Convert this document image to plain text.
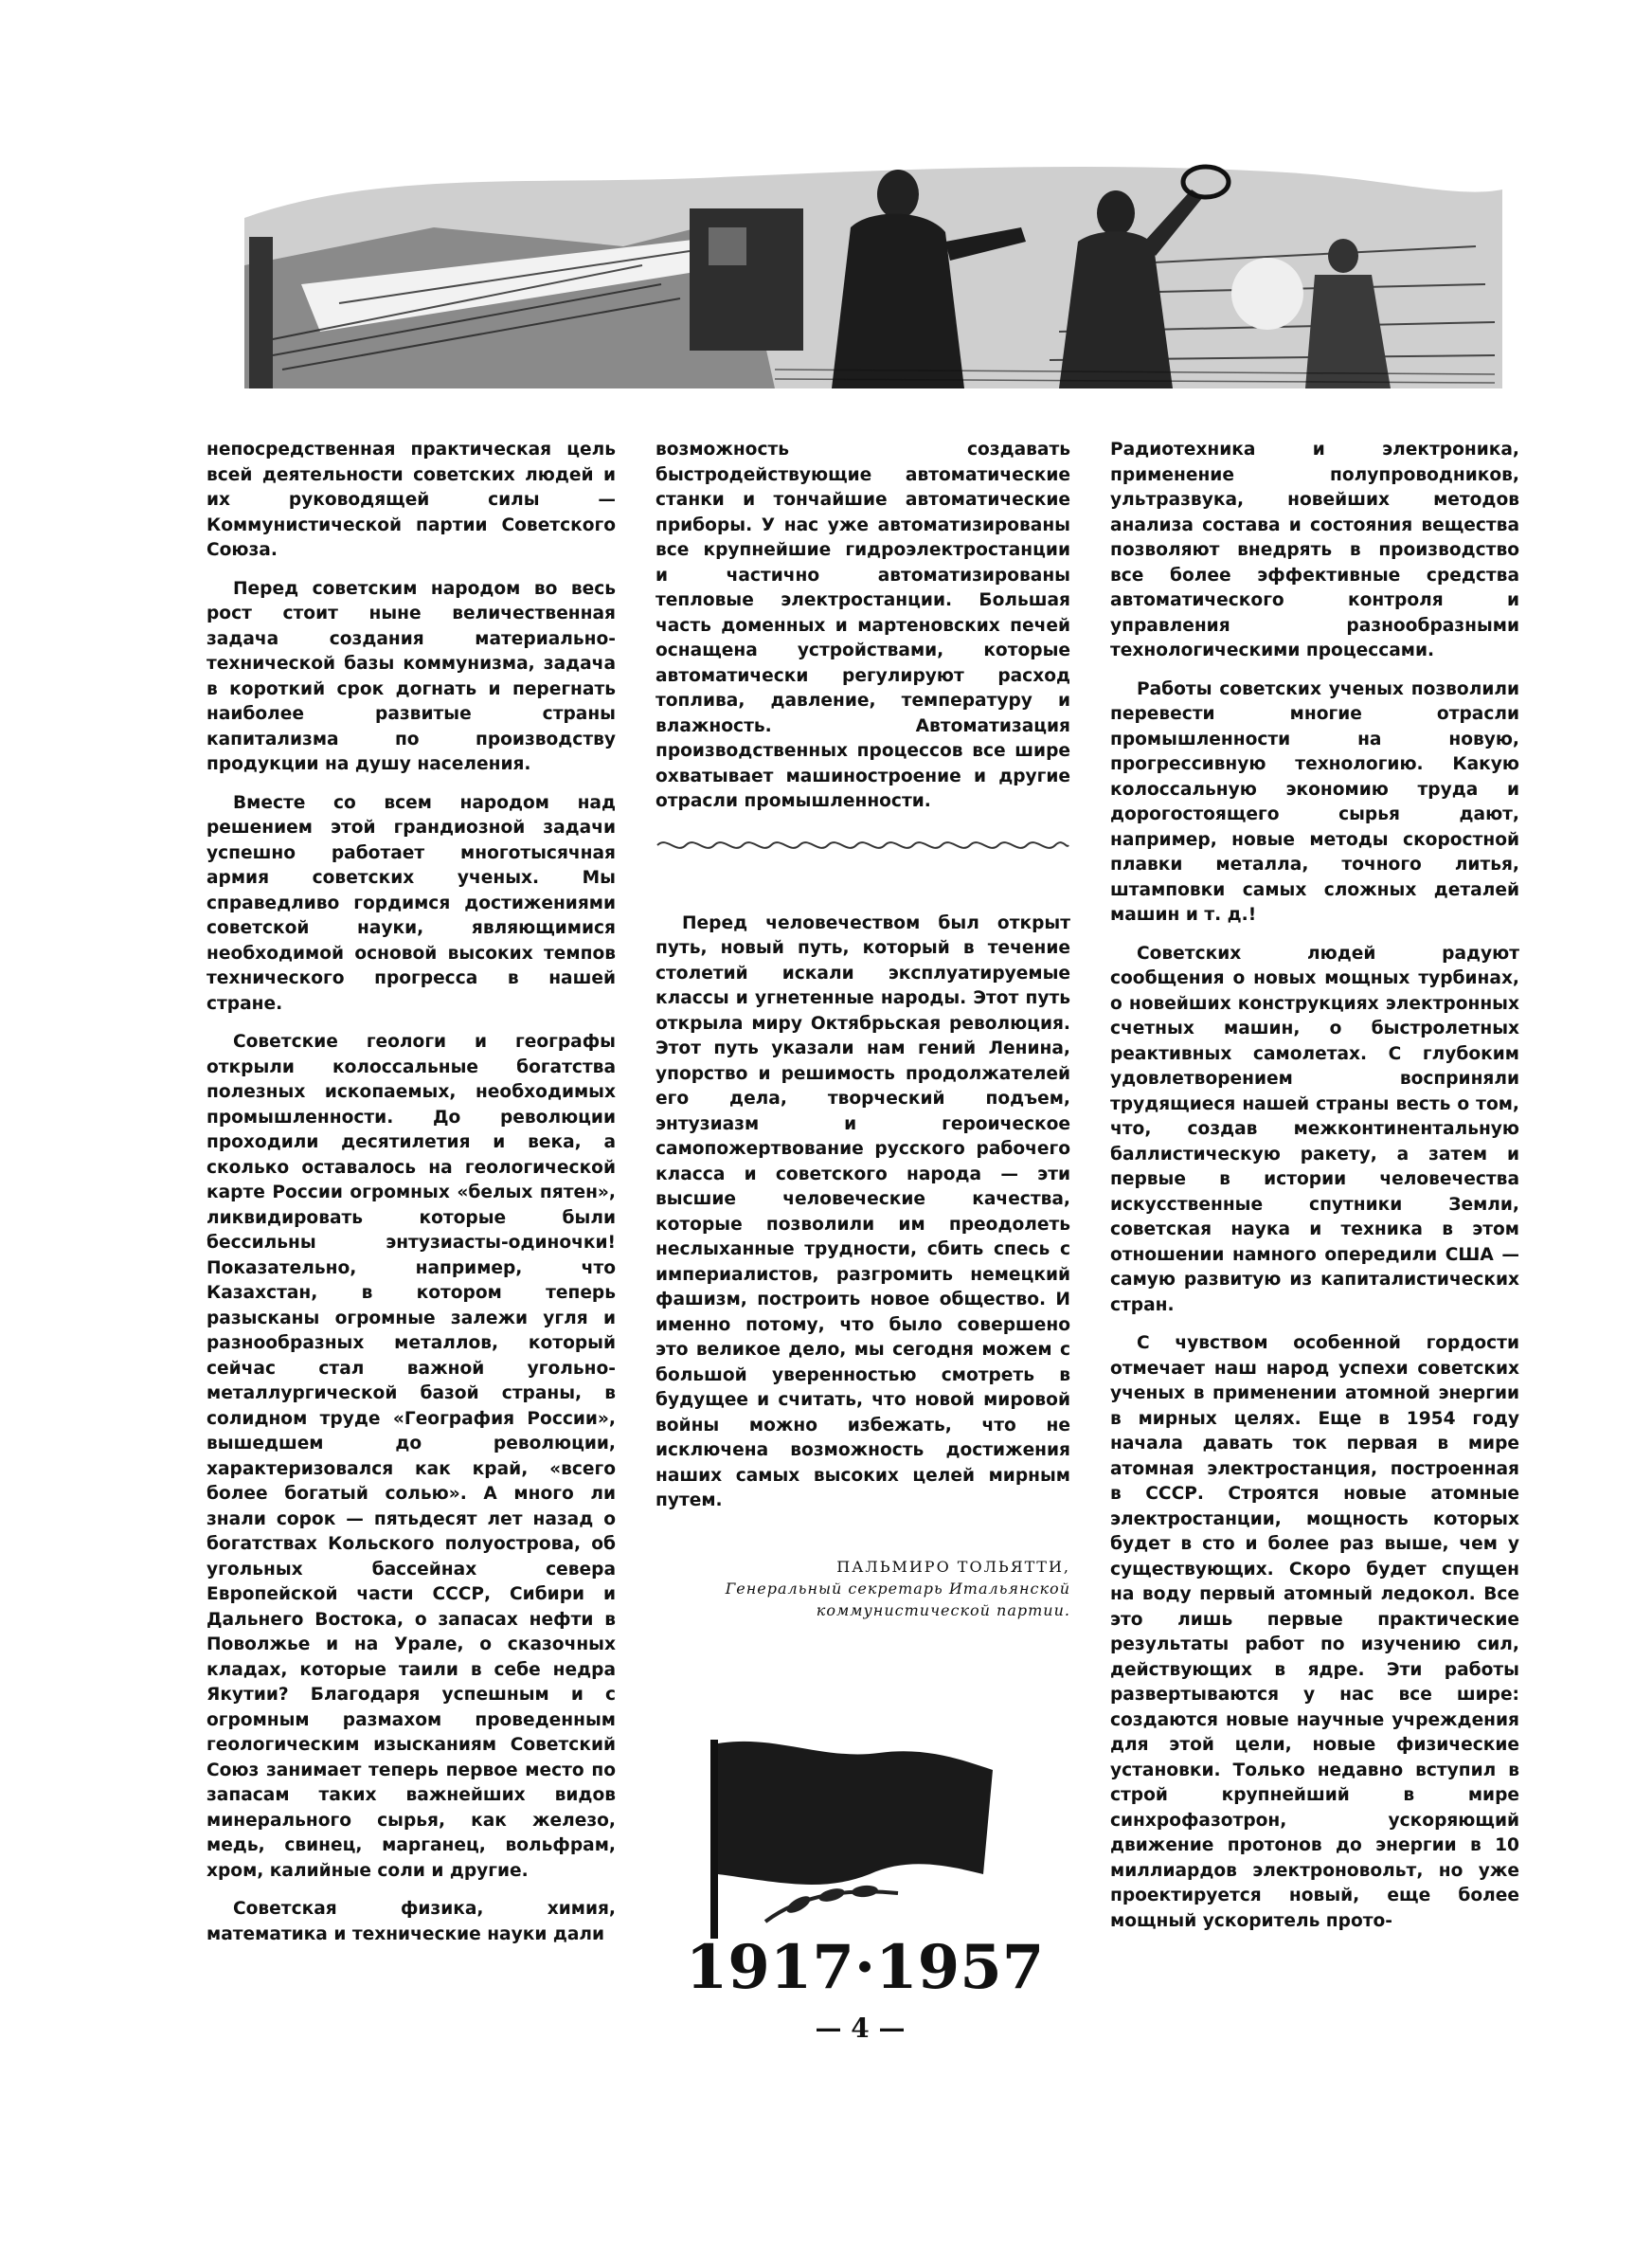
непосредственная практическая цель всей деятельности советских людей и их руководящей силы — Коммунистической партии Советского Союза.

Перед советским народом во весь рост стоит ныне величественная задача создания материально-технической базы коммунизма, задача в короткий срок догнать и перегнать наиболее развитые страны капитализма по производству продукции на душу населения.

Вместе со всем народом над решением этой грандиозной задачи успешно работает многотысячная армия советских ученых. Мы справедливо гордимся достижениями советской науки, являющимися необходимой основой высоких темпов технического прогресса в нашей стране.

Советские геологи и географы открыли колоссальные богатства полезных ископаемых, необходимых промышленности. До революции проходили десятилетия и века, а сколько оставалось на геологической карте России огромных «белых пятен», ликвидировать которые были бессильны энтузиасты-одиночки! Показательно, например, что Казахстан, в котором теперь разысканы огромные залежи угля и разнообразных металлов, который сейчас стал важной угольно-металлургической базой страны, в солидном труде «География России», вышедшем до революции, характеризовался как край, «всего более богатый солью». А много ли знали сорок — пятьдесят лет назад о богатствах Кольского полуострова, об угольных бассейнах севера Европейской части СССР, Сибири и Дальнего Востока, о запасах нефти в Поволжье и на Урале, о сказочных кладах, которые таили в себе недра Якутии? Благодаря успешным и с огромным размахом проведенным геологическим изысканиям Советский Союз занимает теперь первое место по запасам таких важнейших видов минерального сырья, как железо, медь, свинец, марганец, вольфрам, хром, калийные соли и другие.

Советская физика, химия, математика и технические науки дали

возможность создавать быстродействующие автоматические станки и тончайшие автоматические приборы. У нас уже автоматизированы все крупнейшие гидроэлектростанции и частично автоматизированы тепловые электростанции. Большая часть доменных и мартеновских печей оснащена устройствами, которые автоматически регулируют расход топлива, давление, температуру и влажность. Автоматизация производственных процессов все шире охватывает машиностроение и другие отрасли промышленности.

Перед человечеством был открыт путь, новый путь, который в течение столетий искали эксплуатируемые классы и угнетенные народы. Этот путь открыла миру Октябрьская революция. Этот путь указали нам гений Ленина, упорство и решимость продолжателей его дела, творческий подъем, энтузиазм и героическое самопожертвование русского рабочего класса и советского народа — эти высшие человеческие качества, которые позволили им преодолеть неслыханные трудности, сбить спесь с империалистов, разгромить немецкий фашизм, построить новое общество. И именно потому, что было совершено это великое дело, мы сегодня можем с большой уверенностью смотреть в будущее и считать, что новой мировой войны можно избежать, что не исключена возможность достижения наших самых высоких целей мирным путем.

ПАЛЬМИРО ТОЛЬЯТТИ,
Генеральный секретарь Итальянской коммунистической партии.

Радиотехника и электроника, применение полупроводников, ультразвука, новейших методов анализа состава и состояния вещества позволяют внедрять в производство все более эффективные средства автоматического контроля и управления разнообразными технологическими процессами.

Работы советских ученых позволили перевести многие отрасли промышленности на новую, прогрессивную технологию. Какую колоссальную экономию труда и дорогостоящего сырья дают, например, новые методы скоростной плавки металла, точного литья, штамповки самых сложных деталей машин и т. д.!

Советских людей радуют сообщения о новых мощных турбинах, о новейших конструкциях электронных счетных машин, о быстролетных реактивных самолетах. С глубоким удовлетворением восприняли трудящиеся нашей страны весть о том, что, создав межконтинентальную баллистическую ракету, а затем и первые в истории человечества искусственные спутники Земли, советская наука и техника в этом отношении намного опередили США — самую развитую из капиталистических стран.

С чувством особенной гордости отмечает наш народ успехи советских ученых в применении атомной энергии в мирных целях. Еще в 1954 году начала давать ток первая в мире атомная электростанция, построенная в СССР. Строятся новые атомные электростанции, мощность которых будет в сто и более раз выше, чем у существующих. Скоро будет спущен на воду первый атомный ледокол. Все это лишь первые практические результаты работ по изучению сил, действующих в ядре. Эти работы развертываются у нас все шире: создаются новые научные учреждения для этой цели, новые физические установки. Только недавно вступил в строй крупнейший в мире синхрофазотрон, ускоряющий движение протонов до энергии в 10 миллиардов электроновольт, но уже проектируется новый, еще более мощный ускоритель прото-

1917·1957
— 4 —
